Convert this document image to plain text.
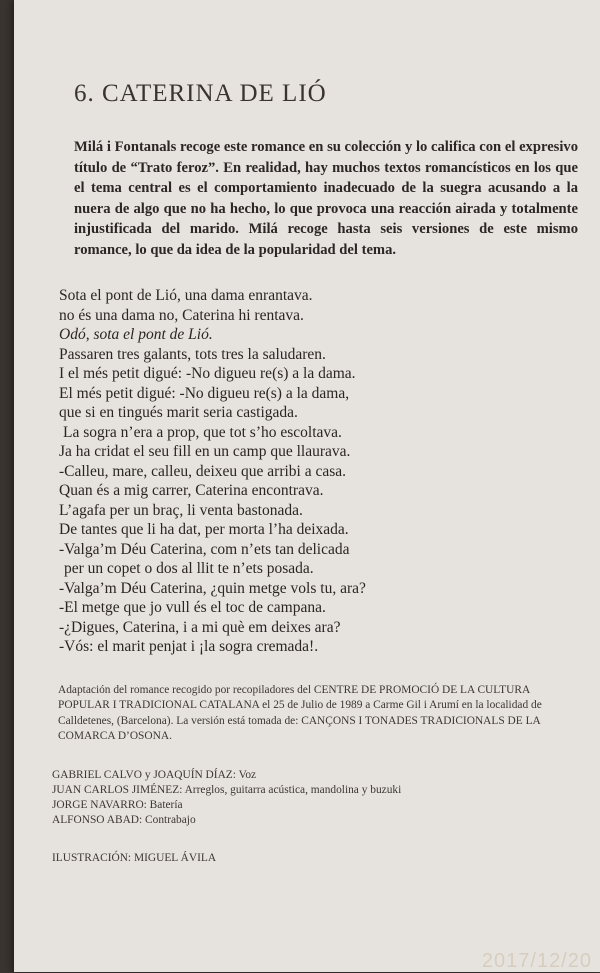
6. CATERINA DE LIÓ

Milá i Fontanals recoge este romance en su colección y lo califica con el expresivo título de “Trato feroz”. En realidad, hay muchos textos romancísticos en los que el tema central es el comportamiento inadecuado de la suegra acusando a la nuera de algo que no ha hecho, lo que provoca una reacción airada y totalmente injustificada del marido. Milá recoge hasta seis versiones de este mismo romance, lo que da idea de la popularidad del tema.

Sota el pont de Lió, una dama enrantava.
no és una dama no, Caterina hi rentava.
Odó, sota el pont de Lió.
Passaren tres galants, tots tres la saludaren.
I el més petit digué: -No digueu re(s) a la dama.
El més petit digué: -No digueu re(s) a la dama,
que si en tingués marit seria castigada.
La sogra n’era a prop, que tot s’ho escoltava.
Ja ha cridat el seu fill en un camp que llaurava.
-Calleu, mare, calleu, deixeu que arribi a casa.
Quan és a mig carrer, Caterina encontrava.
L’agafa per un braç, li venta bastonada.
De tantes que li ha dat, per morta l’ha deixada.
-Valga’m Déu Caterina, com n’ets tan delicada
per un copet o dos al llit te n’ets posada.
-Valga’m Déu Caterina, ¿quin metge vols tu, ara?
-El metge que jo vull és el toc de campana.
-¿Digues, Caterina, i a mi què em deixes ara?
-Vós: el marit penjat i ¡la sogra cremada!.

Adaptación del romance recogido por recopiladores del CENTRE DE PROMOCIÓ DE LA CULTURA POPULAR I TRADICIONAL CATALANA el 25 de Julio de 1989 a Carme Gil i Arumí en la localidad de Calldetenes, (Barcelona). La versión está tomada de: CANÇONS I TONADES TRADICIONALS DE LA COMARCA D’OSONA.

GABRIEL CALVO y JOAQUÍN DÍAZ: Voz
JUAN CARLOS JIMÉNEZ: Arreglos, guitarra acústica, mandolina y buzuki
JORGE NAVARRO: Batería
ALFONSO ABAD: Contrabajo
ILUSTRACIÓN: MIGUEL ÁVILA
2017/12/20
